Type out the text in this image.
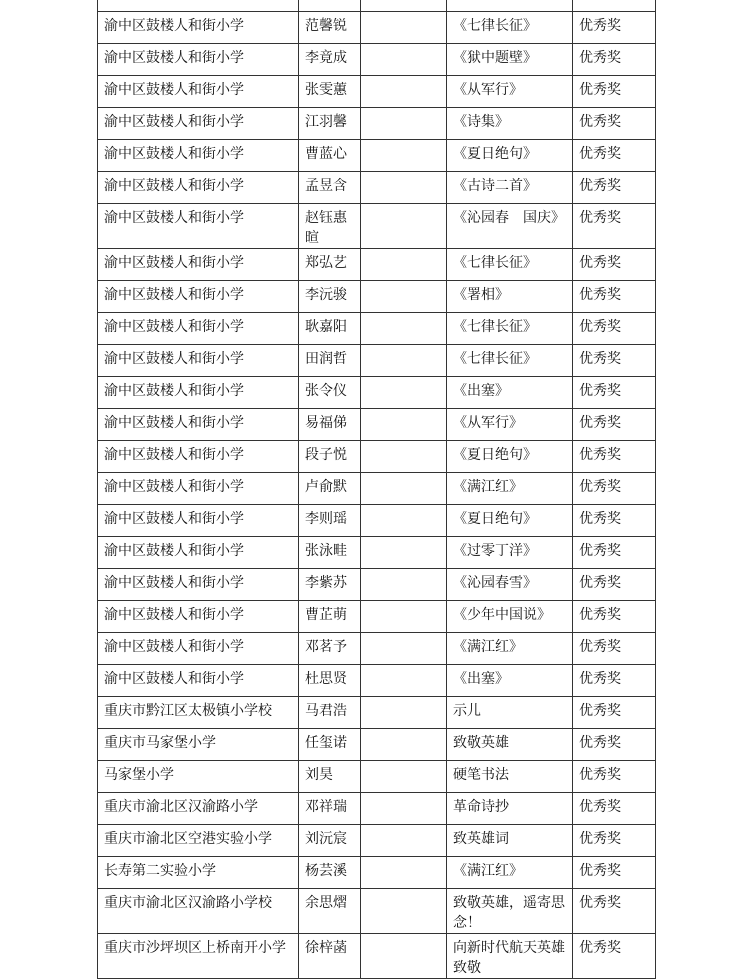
渝中区鼓楼人和街小学	范馨锐		《七律长征》	优秀奖
渝中区鼓楼人和街小学	李竟成		《狱中题壁》	优秀奖
渝中区鼓楼人和街小学	张雯蕙		《从军行》	优秀奖
渝中区鼓楼人和街小学	江羽馨		《诗集》	优秀奖
渝中区鼓楼人和街小学	曹蓝心		《夏日绝句》	优秀奖
渝中区鼓楼人和街小学	孟昱含		《古诗二首》	优秀奖
渝中区鼓楼人和街小学	赵钰惠暄		《沁园春　国庆》	优秀奖
渝中区鼓楼人和街小学	郑弘艺		《七律长征》	优秀奖
渝中区鼓楼人和街小学	李沅骏		《署相》	优秀奖
渝中区鼓楼人和街小学	耿嘉阳		《七律长征》	优秀奖
渝中区鼓楼人和街小学	田润哲		《七律长征》	优秀奖
渝中区鼓楼人和街小学	张令仪		《出塞》	优秀奖
渝中区鼓楼人和街小学	易福俤		《从军行》	优秀奖
渝中区鼓楼人和街小学	段子悦		《夏日绝句》	优秀奖
渝中区鼓楼人和街小学	卢俞默		《满江红》	优秀奖
渝中区鼓楼人和街小学	李则瑶		《夏日绝句》	优秀奖
渝中区鼓楼人和街小学	张泳畦		《过零丁洋》	优秀奖
渝中区鼓楼人和街小学	李紫苏		《沁园春雪》	优秀奖
渝中区鼓楼人和街小学	曹芷萌		《少年中国说》	优秀奖
渝中区鼓楼人和街小学	邓茗予		《满江红》	优秀奖
渝中区鼓楼人和街小学	杜思贤		《出塞》	优秀奖
重庆市黔江区太极镇小学校	马君浩		示儿	优秀奖
重庆市马家堡小学	任玺诺		致敬英雄	优秀奖
马家堡小学	刘昊		硬笔书法	优秀奖
重庆市渝北区汉渝路小学	邓祥瑞		革命诗抄	优秀奖
重庆市渝北区空港实验小学	刘沅宸		致英雄词	优秀奖
长寿第二实验小学	杨芸溪		《满江红》	优秀奖
重庆市渝北区汉渝路小学校	余思熠		致敬英雄，遥寄思念！	优秀奖
重庆市沙坪坝区上桥南开小学	徐梓菡		向新时代航天英雄致敬	优秀奖
